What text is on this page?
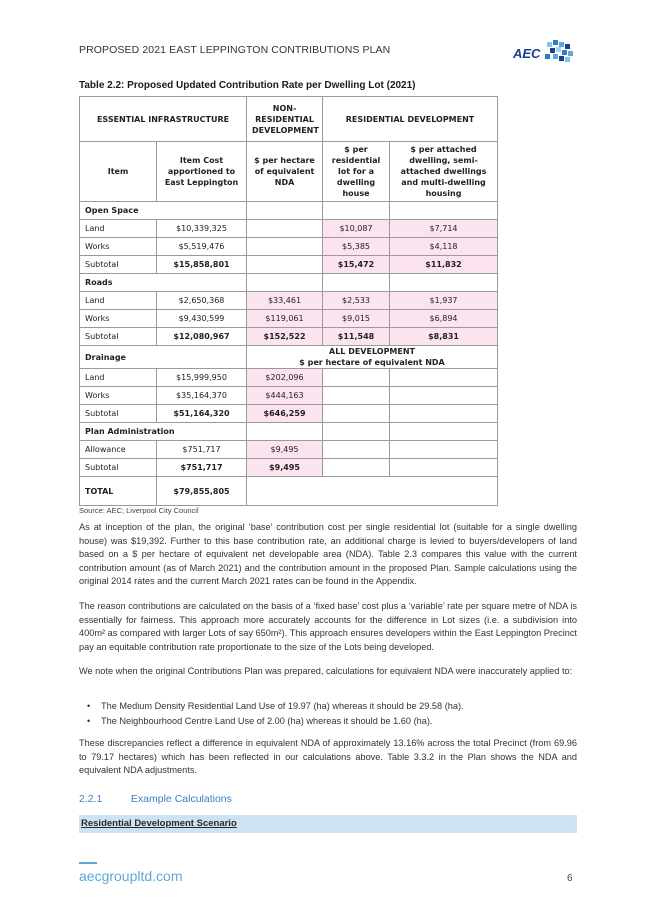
PROPOSED 2021 EAST LEPPINGTON CONTRIBUTIONS PLAN	AEC
Table 2.2: Proposed Updated Contribution Rate per Dwelling Lot (2021)
ESSENTIAL INFRASTRUCTURE		NON-RESIDENTIAL DEVELOPMENT	RESIDENTIAL DEVELOPMENT	
Item	Item Cost apportioned to East Leppington	$ per hectare of equivalent NDA	$ per residential lot for a dwelling house	$ per attached dwelling, semi-attached dwellings and multi-dwelling housing
Open Space				
Land	$10,339,325		$10,087	$7,714
Works	$5,519,476		$5,385	$4,118
Subtotal	$15,858,801		$15,472	$11,832
Roads				
Land	$2,650,368	$33,461	$2,533	$1,937
Works	$9,430,599	$119,061	$9,015	$6,894
Subtotal	$12,080,967	$152,522	$11,548	$8,831
Drainage		ALL DEVELOPMENT
$ per hectare of equivalent NDA		

Land	$15,999,950	$202,096		
Works	$35,164,370	$444,163		
Subtotal	$51,164,320	$646,259		
Plan Administration				
Allowance	$751,717	$9,495		
Subtotal	$751,717	$9,495		
TOTAL	$79,855,805			
Source: AEC; Liverpool City Council

As at inception of the plan, the original ‘base’ contribution cost per single residential lot (suitable for a single dwelling house) was $19,392. Further to this base contribution rate, an additional charge is levied to buyers/developers of land based on a $ per hectare of equivalent net developable area (NDA). Table 2.3 compares this value with the current contribution amount (as of March 2021) and the contribution amount in the proposed Plan. Sample calculations using the original 2014 rates and the current March 2021 rates can be found in the Appendix.

The reason contributions are calculated on the basis of a ‘fixed base’ cost plus a ‘variable’ rate per square metre of NDA is essentially for fairness. This approach more accurately accounts for the difference in Lot sizes (i.e. a subdivision into 400m² as compared with larger Lots of say 650m²). This approach ensures developers within the East Leppington Precinct pay an equitable contribution rate proportionate to the size of the Lots being developed.

We note when the original Contributions Plan was prepared, calculations for equivalent NDA were inaccurately applied to:

• The Medium Density Residential Land Use of 19.97 (ha) whereas it should be 29.58 (ha).
• The Neighbourhood Centre Land Use of 2.00 (ha) whereas it should be 1.60 (ha).

These discrepancies reflect a difference in equivalent NDA of approximately 13.16% across the total Precinct (from 69.96 to 79.17 hectares) which has been reflected in our calculations above. Table 3.3.2 in the Plan shows the NDA and equivalent NDA adjustments.

2.2.1	Example Calculations
Residential Development Scenario
aecgroupltd.com	6
